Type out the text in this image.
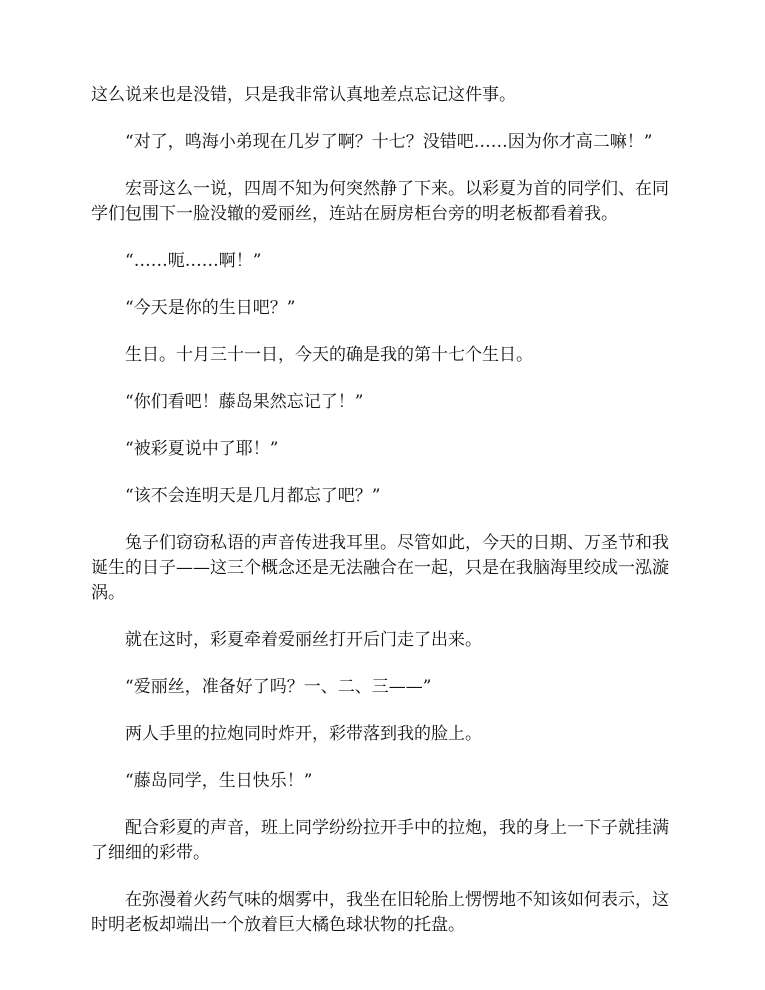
这么说来也是没错，只是我非常认真地差点忘记这件事。

“对了，鸣海小弟现在几岁了啊？十七？没错吧……因为你才高二嘛！”

宏哥这么一说，四周不知为何突然静了下来。以彩夏为首的同学们、在同学们包围下一脸没辙的爱丽丝，连站在厨房柜台旁的明老板都看着我。

“……呃……啊！”

“今天是你的生日吧？”

生日。十月三十一日，今天的确是我的第十七个生日。

“你们看吧！藤岛果然忘记了！”

“被彩夏说中了耶！”

“该不会连明天是几月都忘了吧？”

兔子们窃窃私语的声音传进我耳里。尽管如此，今天的日期、万圣节和我诞生的日子——这三个概念还是无法融合在一起，只是在我脑海里绞成一泓漩涡。

就在这时，彩夏牵着爱丽丝打开后门走了出来。

“爱丽丝，准备好了吗？一、二、三——”

两人手里的拉炮同时炸开，彩带落到我的脸上。

“藤岛同学，生日快乐！”

配合彩夏的声音，班上同学纷纷拉开手中的拉炮，我的身上一下子就挂满了细细的彩带。

在弥漫着火药气味的烟雾中，我坐在旧轮胎上愣愣地不知该如何表示，这时明老板却端出一个放着巨大橘色球状物的托盘。
